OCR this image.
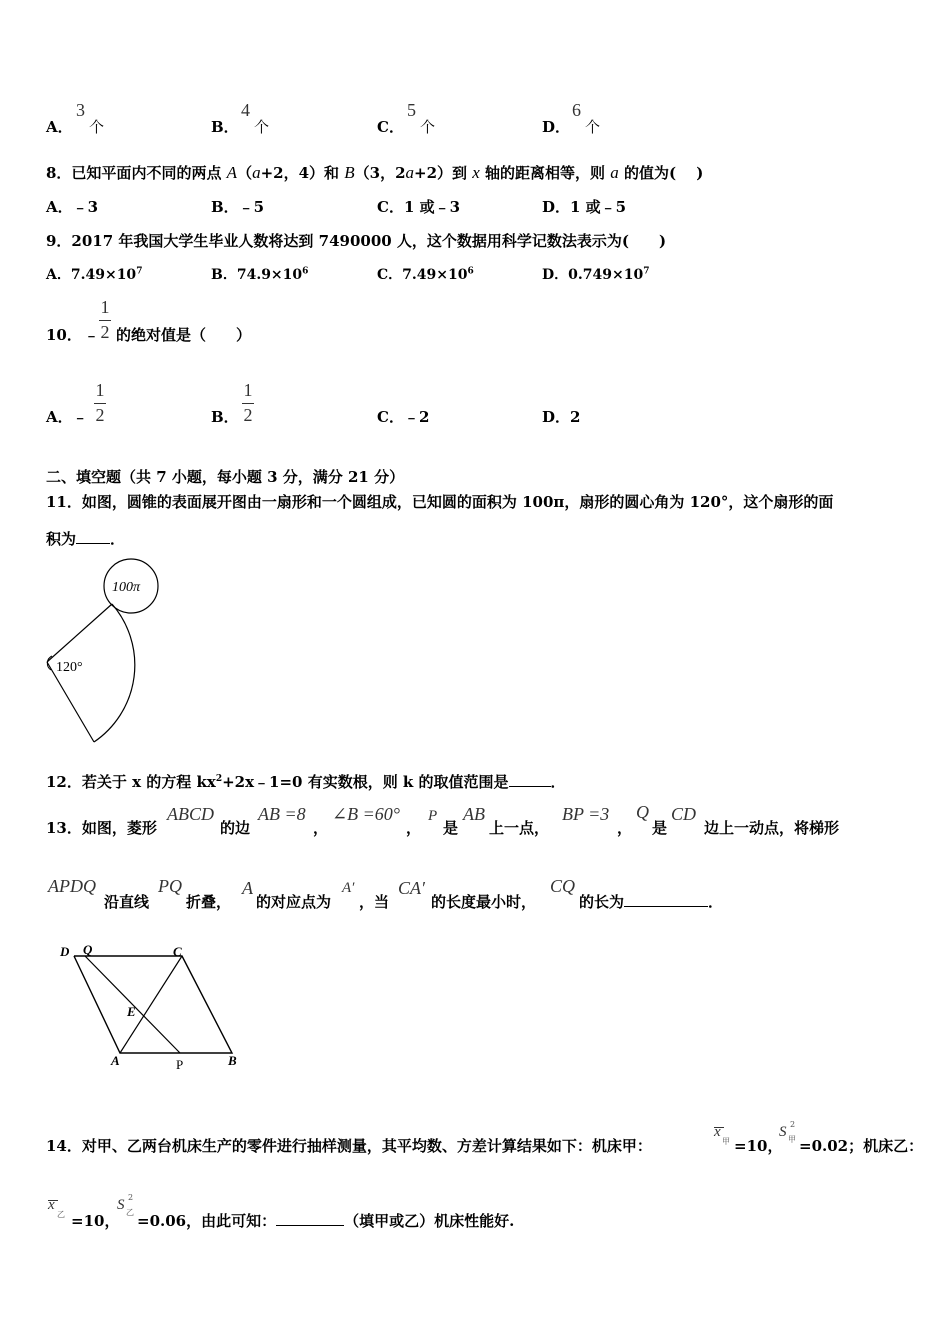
A．
3
个	B．
4
个	C．
5
个	D．
6
个
8．已知平面内不同的两点 A（a+2，4）和 B（3，2a+2）到 x 轴的距离相等，则 a 的值为(　 )
A．﹣3	B．﹣5	C．1 或﹣3	D．1 或﹣5
9．2017 年我国大学生毕业人数将达到 7490000 人，这个数据用科学记数法表示为(　　)
A．$7.49\times 10^7$	B．$74.9\times 10^6$	C．$7.49\times 10^6$	D．$0.749\times 10^7$
10． ﹣
1
2 的绝对值是（　　）
A．﹣
1
2	B．
1
2	C．﹣2	D．2
二、填空题（共 7 小题，每小题 3 分，满分 21 分）
11．如图，圆锥的表面展开图由一扇形和一个圆组成，已知圆的面积为 100π，扇形的圆心角为 120°，这个扇形的面
积为 ．
100π
120°
12．若关于 x 的方程 $kx^2+2x﹣1=0$ 有实数根，则 k 的取值范围是	．
13．如图，菱形
ABCD
的边
AB =8
，
∠B =60°
，
P
是
AB
上一点，
BP =3
，
Q
是
CD
边上一动点，将梯形
APDQ
沿直线
PQ
折叠，
A
的对应点为
A′
，当
CA′
的长度最小时，
CQ
的长为	．
D Q	C
E
A	P	B
14．对甲、乙两台机床生产的零件进行抽样测量，其平均数、方差计算结果如下：机床甲：
x
甲 =10，
S 2
甲 =0.02；机床乙：
x
乙 =10，
S 2
乙 =0.06，由此可知：	（填甲或乙）机床性能好.
